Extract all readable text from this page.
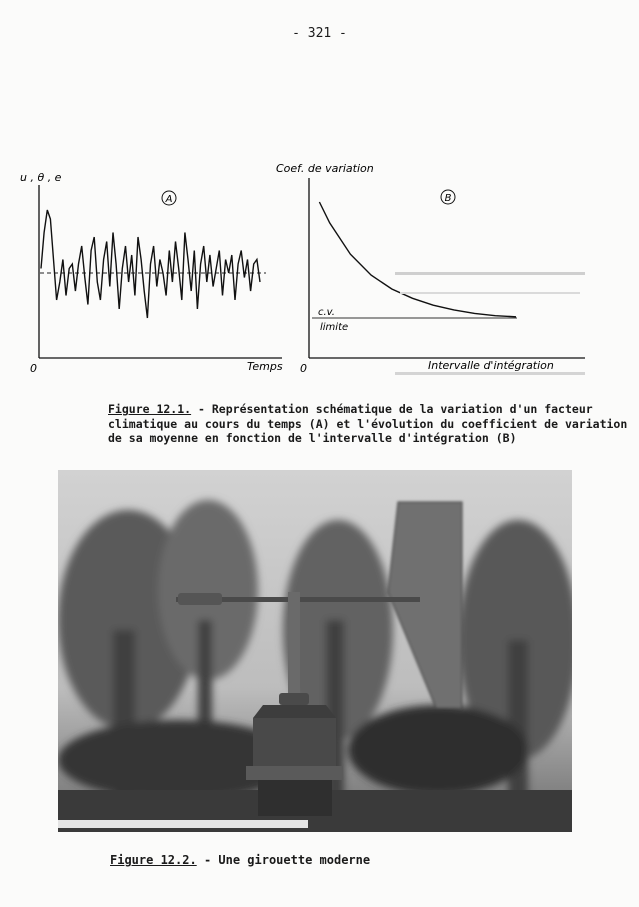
- 321 -
u , θ , e
0	Temps
A
Coef. de variation
0	Intervalle d'intégration
B
c.v.
limite
Figure 12.1. - Représentation schématique de la variation d'un facteur climatique au cours du temps (A) et l'évolution du coefficient de variation de sa moyenne en fonction de l'intervalle d'intégration (B)
Figure 12.2. - Une girouette moderne
